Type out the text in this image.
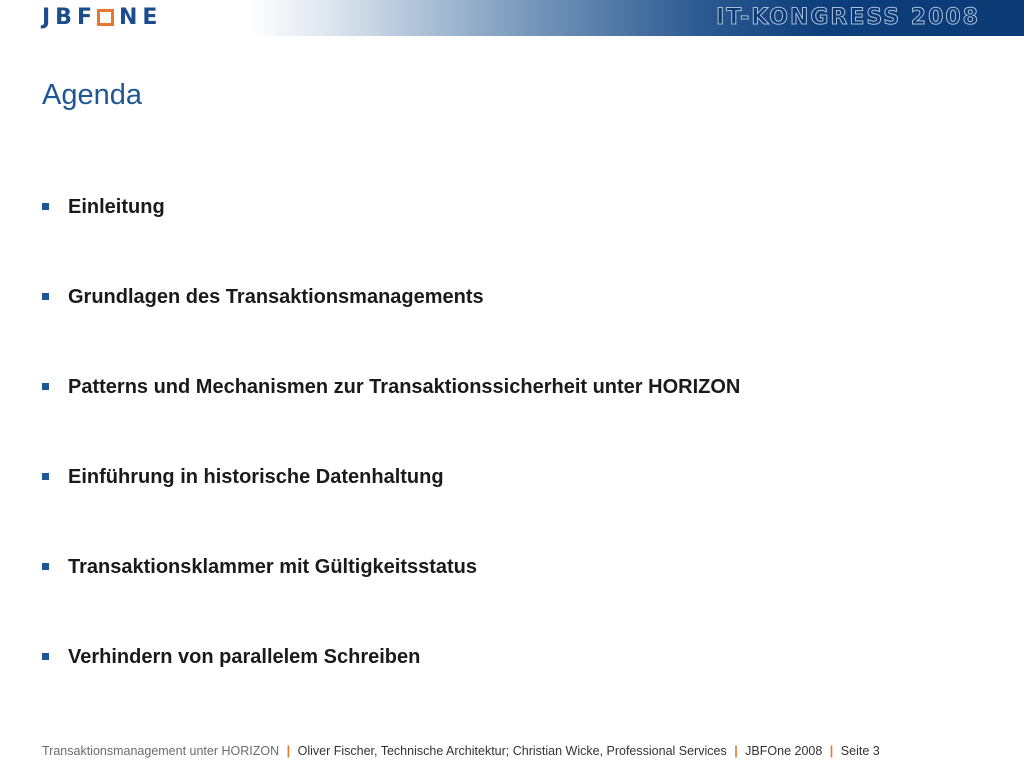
JBF NE	IT-KONGRESS 2008
Agenda
Einleitung
Grundlagen des Transaktionsmanagements
Patterns und Mechanismen zur Transaktionssicherheit unter HORIZON
Einführung in historische Datenhaltung
Transaktionsklammer mit Gültigkeitsstatus
Verhindern von parallelem Schreiben
Transaktionsmanagement unter HORIZON | Oliver Fischer, Technische Architektur; Christian Wicke, Professional Services | JBFOne 2008 | Seite 3
